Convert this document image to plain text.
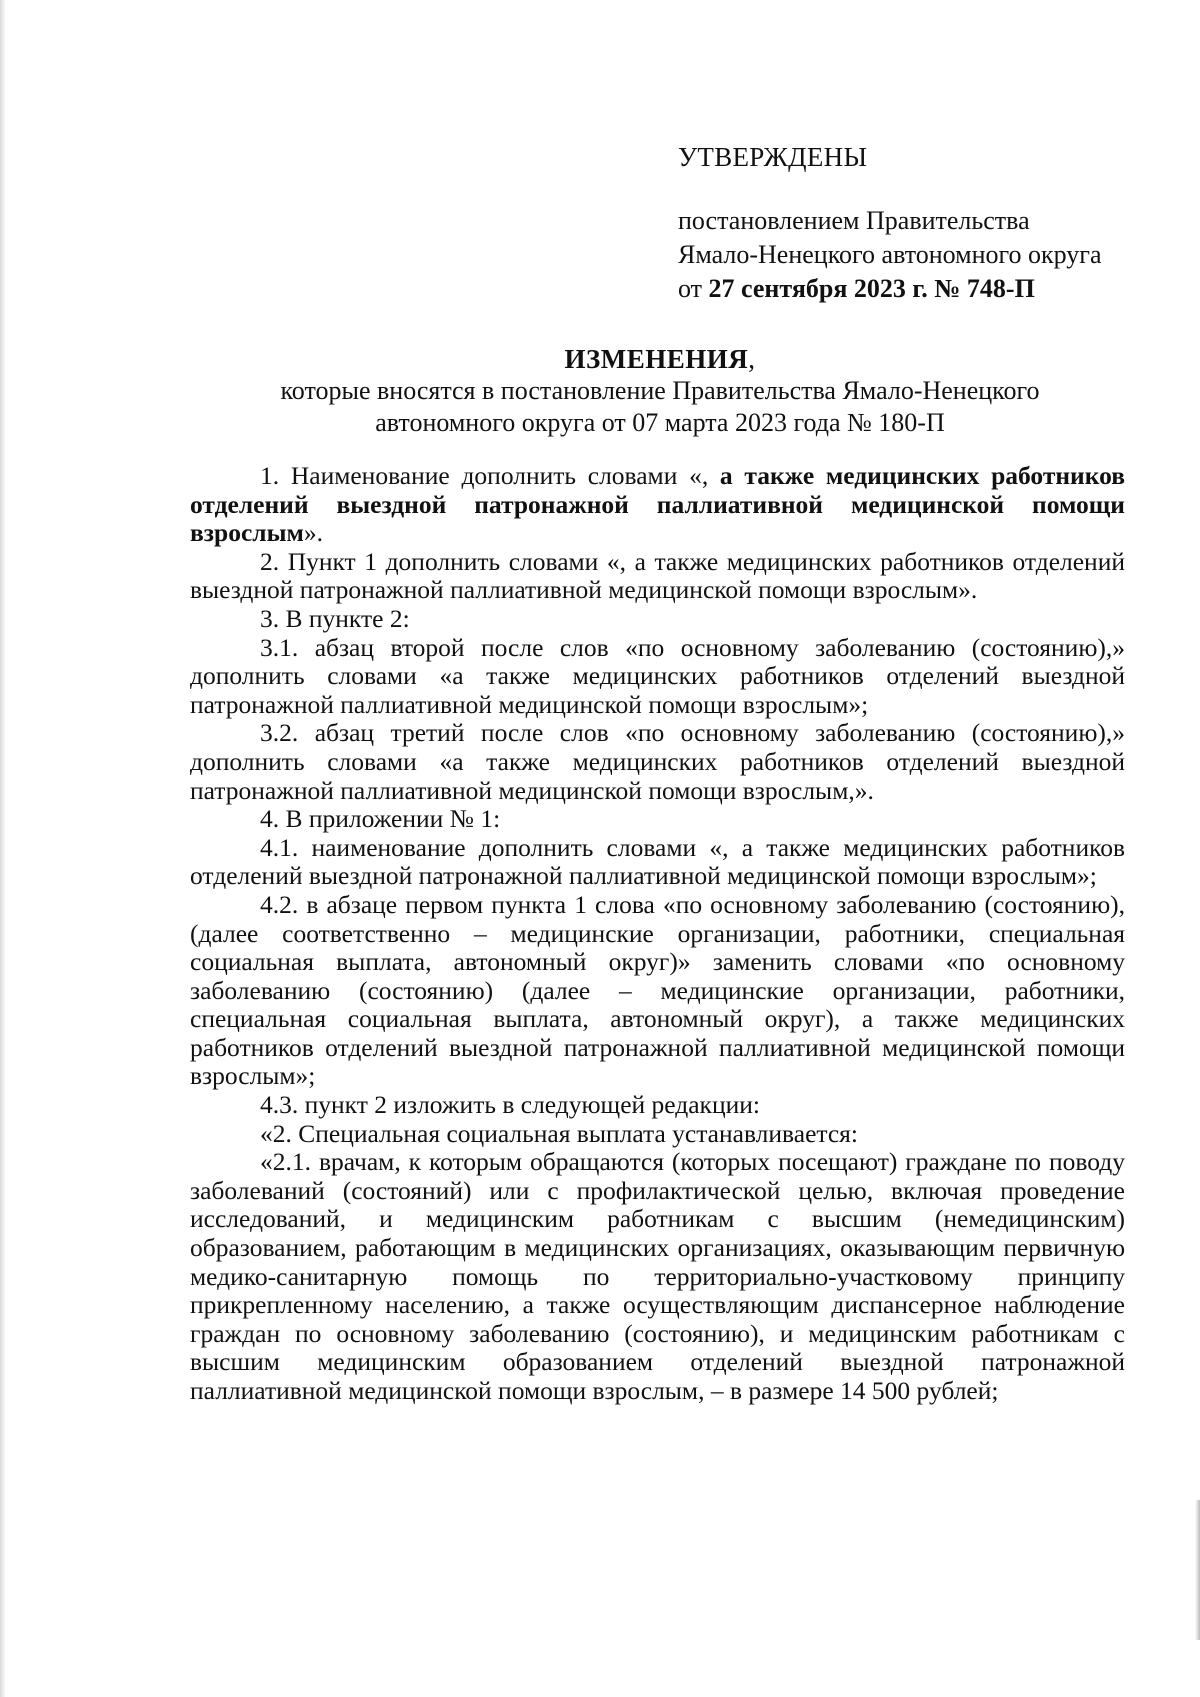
УТВЕРЖДЕНЫ
постановлением Правительства
Ямало-Ненецкого автономного округа
от 27 сентября 2023 г. № 748-П
ИЗМЕНЕНИЯ,
которые вносятся в постановление Правительства Ямало-Ненецкого
автономного округа от 07 марта 2023 года № 180-П

1. Наименование дополнить словами «, а также медицинских работников отделений выездной патронажной паллиативной медицинской помощи взрослым».

2. Пункт 1 дополнить словами «, а также медицинских работников отделений выездной патронажной паллиативной медицинской помощи взрослым».

3. В пункте 2:

3.1. абзац второй после слов «по основному заболеванию (состоянию),» дополнить словами «а также медицинских работников отделений выездной патронажной паллиативной медицинской помощи взрослым»;

3.2. абзац третий после слов «по основному заболеванию (состоянию),» дополнить словами «а также медицинских работников отделений выездной патронажной паллиативной медицинской помощи взрослым,».

4. В приложении № 1:

4.1. наименование дополнить словами «, а также медицинских работников отделений выездной патронажной паллиативной медицинской помощи взрослым»;

4.2. в абзаце первом пункта 1 слова «по основному заболеванию (состоянию), (далее соответственно – медицинские организации, работники, специальная социальная выплата, автономный округ)» заменить словами «по основному заболеванию (состоянию) (далее – медицинские организации, работники, специальная социальная выплата, автономный округ), а также медицинских работников отделений выездной патронажной паллиативной медицинской помощи взрослым»;

4.3. пункт 2 изложить в следующей редакции:

«2. Специальная социальная выплата устанавливается:

«2.1. врачам, к которым обращаются (которых посещают) граждане по поводу заболеваний (состояний) или с профилактической целью, включая проведение исследований, и медицинским работникам с высшим (немедицинским) образованием, работающим в медицинских организациях, оказывающим первичную медико-санитарную помощь по территориально-участковому принципу прикрепленному населению, а также осуществляющим диспансерное наблюдение граждан по основному заболеванию (состоянию), и медицинским работникам с высшим медицинским образованием отделений выездной патронажной паллиативной медицинской помощи взрослым, – в размере 14 500 рублей;
